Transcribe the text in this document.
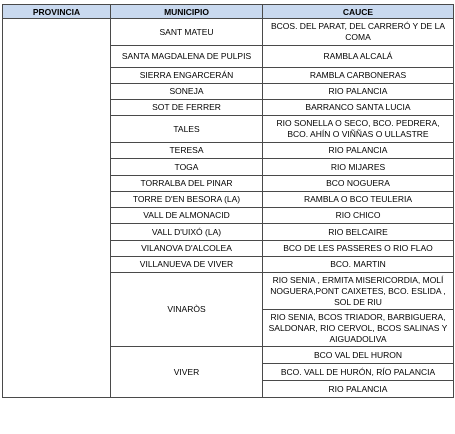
PROVINCIA	MUNICIPIO	CAUCE
	SANT MATEU	BCOS. DEL PARAT, DEL CARRERÓ Y DE LA COMA
	SANTA MAGDALENA DE PULPIS	RAMBLA ALCALÁ
	SIERRA ENGARCERÁN	RAMBLA CARBONERAS
	SONEJA	RIO PALANCIA
	SOT DE FERRER	BARRANCO SANTA LUCIA
	TALES	RIO SONELLA O SECO, BCO. PEDRERA, BCO. AHÍN O VIÑÑAS O ULLASTRE
	TERESA	RIO PALANCIA
	TOGA	RIO MIJARES
	TORRALBA DEL PINAR	BCO NOGUERA
	TORRE D'EN BESORA (LA)	RAMBLA O BCO TEULERIA
	VALL DE ALMONACID	RIO CHICO
	VALL D'UIXÓ (LA)	RIO BELCAIRE
	VILANOVA D'ALCOLEA	BCO DE LES PASSERES O RIO FLAO
	VILLANUEVA DE VIVER	BCO. MARTIN
	VINARÒS	RIO SENIA , ERMITA MISERICORDIA, MOLÍ NOGUERA,PONT CAIXETES, BCO. ESLIDA , SOL DE RIU
		RIO SENIA, BCOS TRIADOR, BARBIGUERA, SALDONAR, RIO CERVOL, BCOS SALINAS Y AIGUADOLIVA
	VIVER	BCO VAL DEL HURON
		BCO. VALL DE HURÓN, RÍO PALANCIA
		RIO PALANCIA
